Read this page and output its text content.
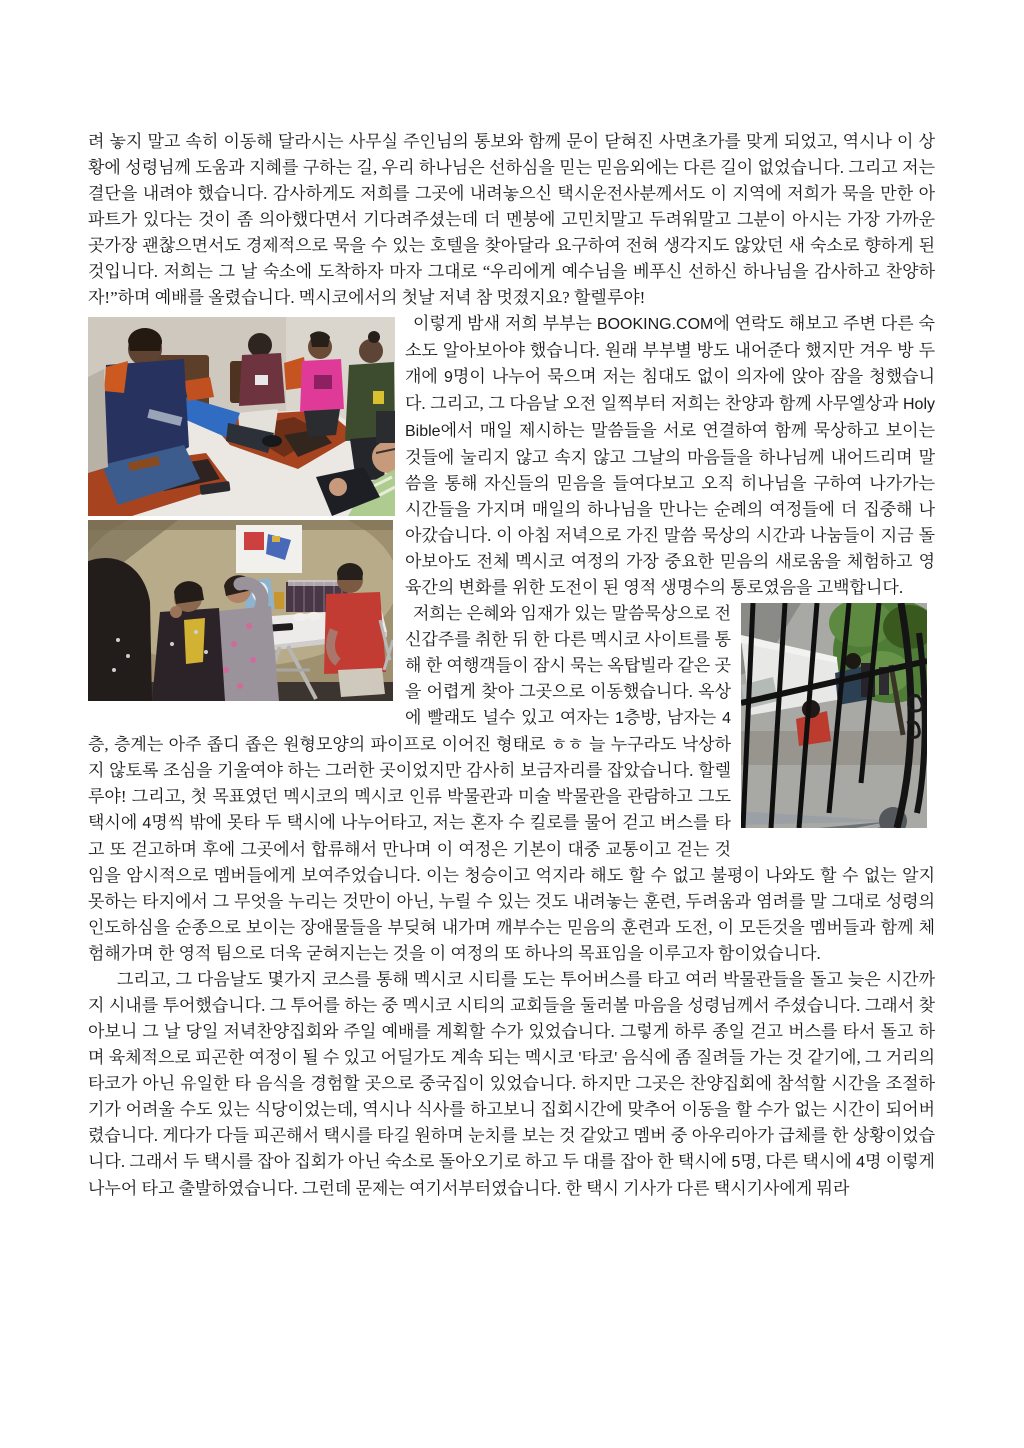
려 놓지 말고 속히 이동해 달라시는 사무실 주인님의 통보와 함께 문이 닫혀진 사면초가를 맞게 되었고, 역시나 이 상황에 성령님께 도움과 지혜를 구하는 길, 우리 하나님은 선하심을 믿는 믿음외에는 다른 길이 없었습니다. 그리고 저는 결단을 내려야 했습니다. 감사하게도 저희를 그곳에 내려놓으신 택시운전사분께서도 이 지역에 저희가 묵을 만한 아파트가 있다는 것이 좀 의아했다면서 기다려주셨는데 더 멘붕에 고민치말고 두려워말고 그분이 아시는 가장 가까운 곳가장 괜찮으면서도 경제적으로 묵을 수 있는 호텔을 찾아달라 요구하여 전혀 생각지도 않았던 새 숙소로 향하게 된 것입니다. 저희는 그 날 숙소에 도착하자 마자 그대로 “우리에게 예수님을 베푸신 선하신 하나님을 감사하고 찬양하자!”하며 예배를 올렸습니다. 멕시코에서의 첫날 저녁 참 멋졌지요? 할렐루야!

이렇게 밤새 저희 부부는 BOOKING.COM에 연락도 해보고 주변 다른 숙소도 알아보아야 했습니다. 원래 부부별 방도 내어준다 했지만 겨우 방 두개에 9명이 나누어 묵으며 저는 침대도 없이 의자에 앉아 잠을 청했습니다. 그리고, 그 다음날 오전 일찍부터 저희는 찬양과 함께 사무엘상과 Holy Bible에서 매일 제시하는 말씀들을 서로 연결하여 함께 묵상하고 보이는 것들에 눌리지 않고 속지 않고 그날의 마음들을 하나님께 내어드리며 말씀을 통해 자신들의 믿음을 들여다보고 오직 히나님을 구하여 나가가는 시간들을 가지며 매일의 하나님을 만나는 순례의 여정들에 더 집중해 나아갔습니다. 이 아침 저녁으로 가진 말씀 묵상의 시간과 나눔들이 지금 돌아보아도 전체 멕시코 여정의 가장 중요한 믿음의 새로움을 체험하고 영육간의 변화를 위한 도전이 된 영적 생명수의 통로였음을 고백합니다.

저희는 은혜와 임재가 있는 말씀묵상으로 전신갑주를 취한 뒤 한 다른 멕시코 사이트를 통해 한 여행객들이 잠시 묵는 옥탑빌라 같은 곳을 어렵게 찾아 그곳으로 이동했습니다. 옥상에 빨래도 널수 있고 여자는 1층방, 남자는 4층, 층계는 아주 좁디 좁은 원형모양의 파이프로 이어진 형태로 ㅎㅎ 늘 누구라도 낙상하지 않토록 조심을 기울여야 하는 그러한 곳이었지만 감사히 보금자리를 잡았습니다. 할렐루야! 그리고, 첫 목표였던 멕시코의 멕시코 인류 박물관과 미술 박물관을 관람하고 그도 택시에 4명씩 밖에 못타 두 택시에 나누어타고, 저는 혼자 수 킬로를 물어 걷고 버스를 타고 또 걷고하며 후에 그곳에서 합류해서 만나며 이 여정은 기본이 대중 교통이고 걷는 것임을 암시적으로 멤버들에게 보여주었습니다. 이는 청승이고 억지라 해도 할 수 없고 불평이 나와도 할 수 없는 알지 못하는 타지에서 그 무엇을 누리는 것만이 아닌, 누릴 수 있는 것도 내려놓는 훈련, 두려움과 염려를 말 그대로 성령의 인도하심을 순종으로 보이는 장애물들을 부딪혀 내가며 깨부수는 믿음의 훈련과 도전, 이 모든것을 멤버들과 함께 체험해가며 한 영적 팀으로 더욱 굳혀지는는 것을 이 여정의 또 하나의 목표임을 이루고자 함이었습니다.

그리고, 그 다음날도 몇가지 코스를 통해 멕시코 시티를 도는 투어버스를 타고 여러 박물관들을 돌고 늦은 시간까지 시내를 투어했습니다. 그 투어를 하는 중 멕시코 시티의 교회들을 둘러볼 마음을 성령님께서 주셨습니다. 그래서 찾아보니 그 날 당일 저녁찬양집회와 주일 예배를 계획할 수가 있었습니다. 그렇게 하루 종일 걷고 버스를 타서 돌고 하며 육체적으로 피곤한 여정이 될 수 있고 어딜가도 계속 되는 멕시코 '타코' 음식에 좀 질려들 가는 것 같기에, 그 거리의 타코가 아닌 유일한 타 음식을 경험할 곳으로 중국집이 있었습니다. 하지만 그곳은 찬양집회에 참석할 시간을 조절하기가 어려울 수도 있는 식당이었는데, 역시나 식사를 하고보니 집회시간에 맞추어 이동을 할 수가 없는 시간이 되어버렸습니다. 게다가 다들 피곤해서 택시를 타길 원하며 눈치를 보는 것 같았고 멤버 중 아우리아가 급체를 한 상황이었습니다. 그래서 두 택시를 잡아 집회가 아닌 숙소로 돌아오기로 하고 두 대를 잡아 한 택시에 5명, 다른 택시에 4명 이렇게 나누어 타고 출발하였습니다. 그런데 문제는 여기서부터였습니다. 한 택시 기사가 다른 택시기사에게 뭐라
